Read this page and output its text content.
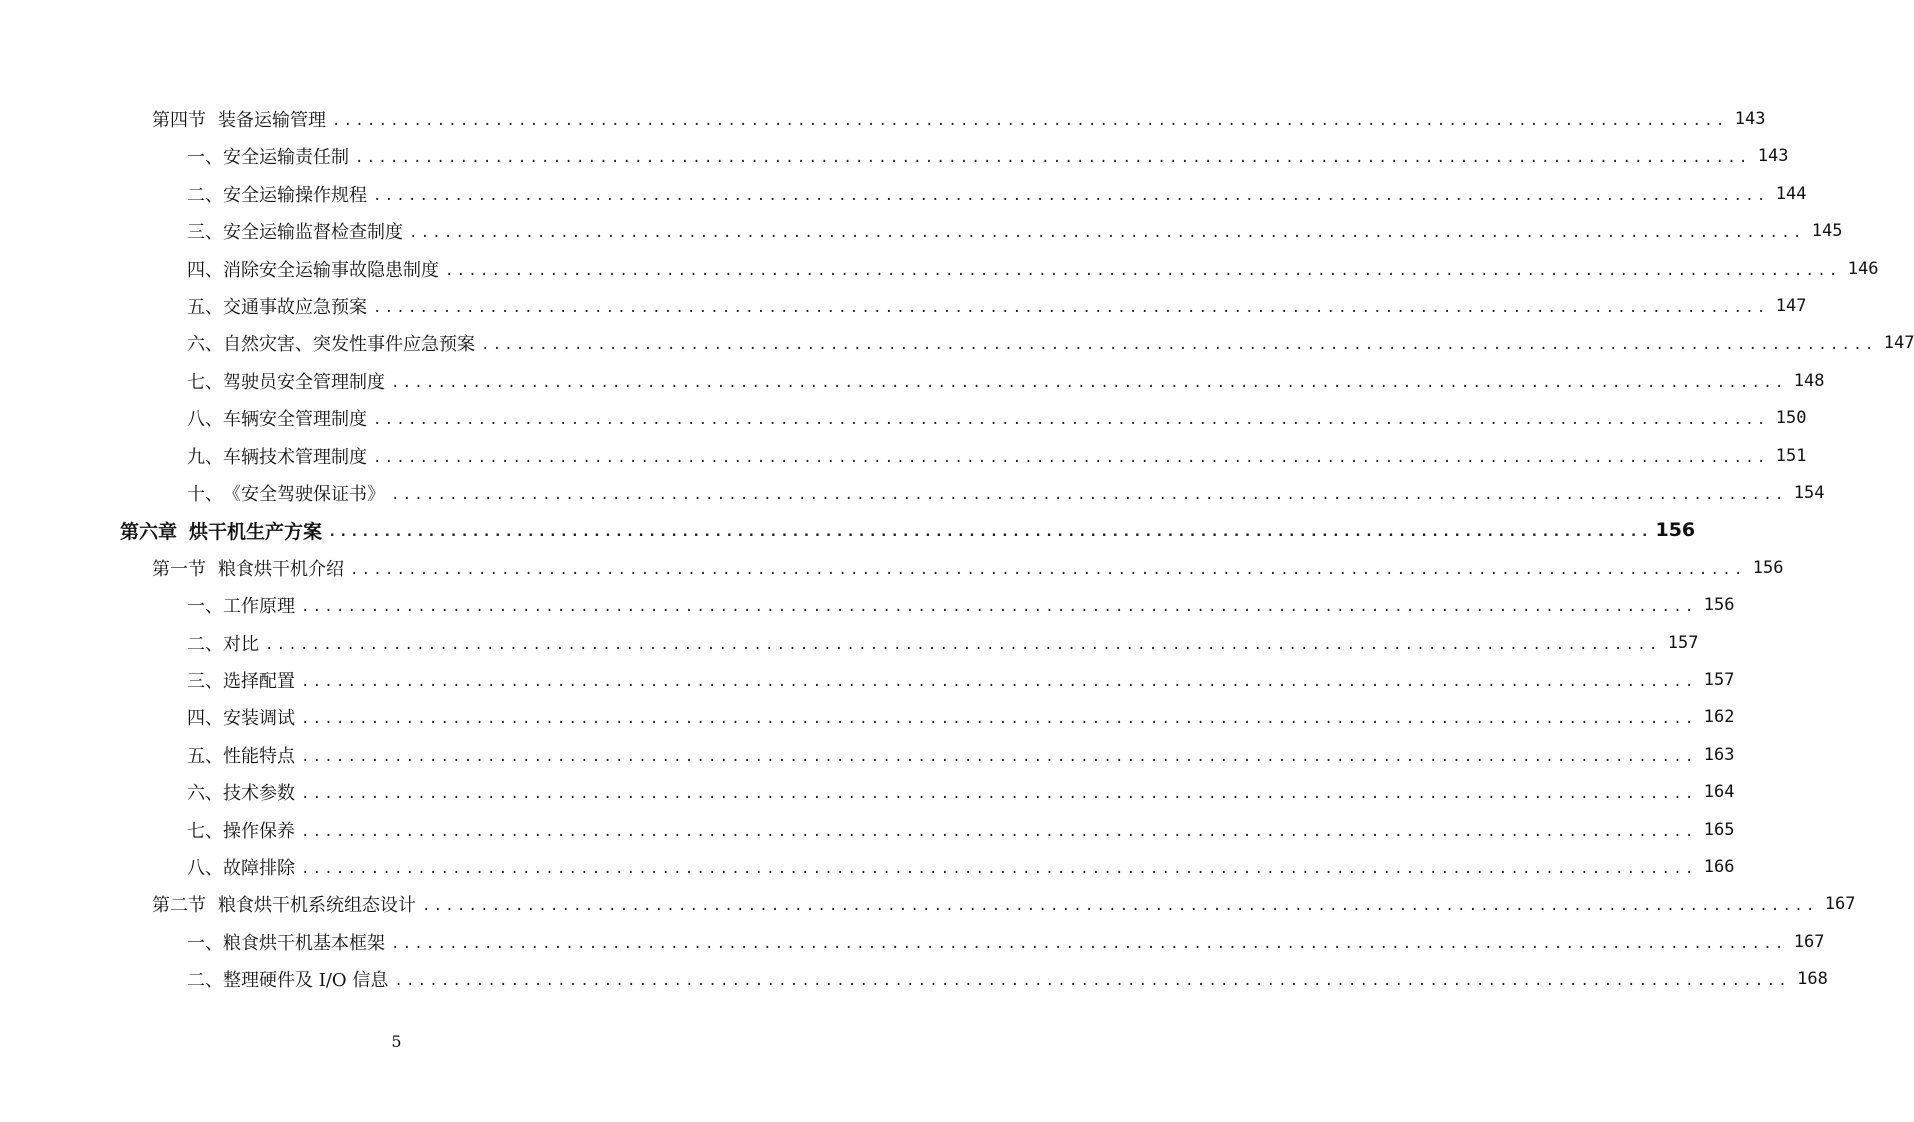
第四节 装备运输管理 ........................................................................................................................ 143
一、安全运输责任制 ........................................................................................................................ 143
二、安全运输操作规程 ........................................................................................................................ 144
三、安全运输监督检查制度 ........................................................................................................................ 145
四、消除安全运输事故隐患制度 ........................................................................................................................ 146
五、交通事故应急预案 ........................................................................................................................ 147
六、自然灾害、突发性事件应急预案 ........................................................................................................................ 147
七、驾驶员安全管理制度 ........................................................................................................................ 148
八、车辆安全管理制度 ........................................................................................................................ 150
九、车辆技术管理制度 ........................................................................................................................ 151
十、《安全驾驶保证书》 ........................................................................................................................ 154
第六章 烘干机生产方案 ........................................................................................................................ 156
第一节 粮食烘干机介绍 ........................................................................................................................ 156
一、工作原理 ........................................................................................................................ 156
二、对比 ........................................................................................................................ 157
三、选择配置 ........................................................................................................................ 157
四、安装调试 ........................................................................................................................ 162
五、性能特点 ........................................................................................................................ 163
六、技术参数 ........................................................................................................................ 164
七、操作保养 ........................................................................................................................ 165
八、故障排除 ........................................................................................................................ 166
第二节 粮食烘干机系统组态设计 ........................................................................................................................ 167
一、粮食烘干机基本框架 ........................................................................................................................ 167
二、整理硬件及 I/O 信息 ........................................................................................................................ 168
5
